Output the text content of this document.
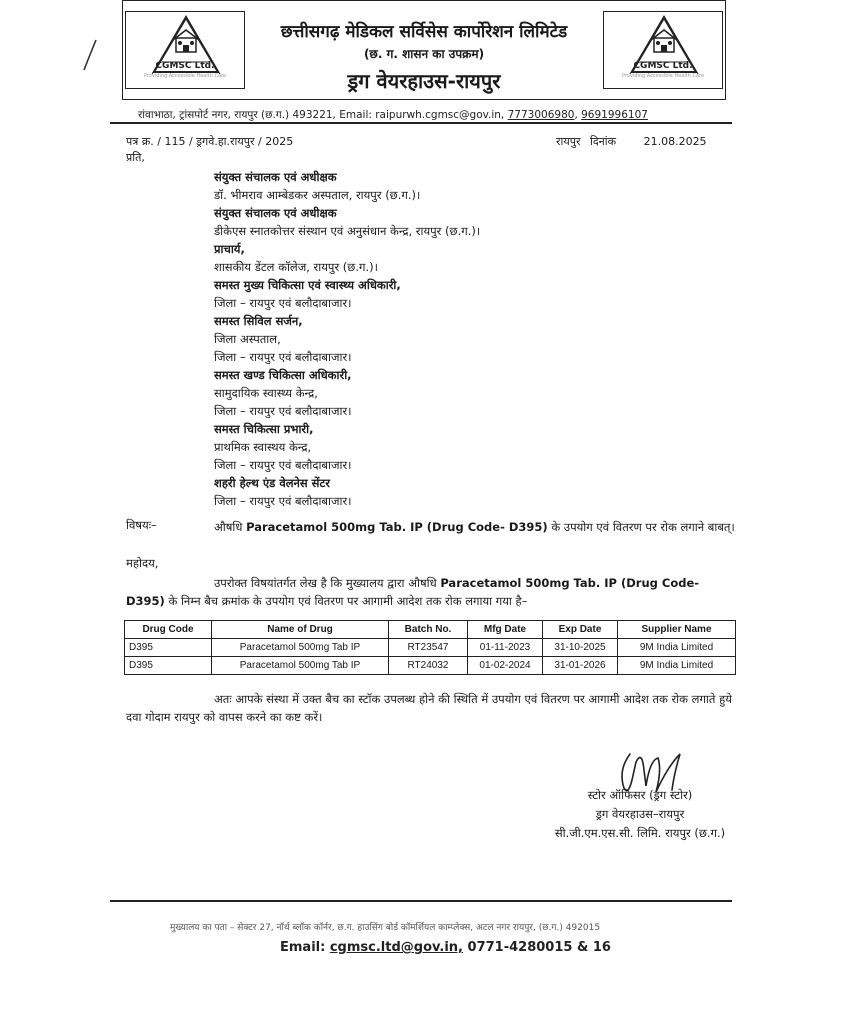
CGMSC Ltd.
Providing Accessible Health Care
छत्तीसगढ़ मेडिकल सर्विसेस कार्पोरेशन लिमिटेड
(छ. ग. शासन का उपक्रम)
ड्रग वेयरहाउस-रायपुर
CGMSC Ltd.
Providing Accessible Health Care
रांवाभाठा, ट्रांसपोर्ट नगर, रायपुर (छ.ग.) 493221, Email: raipurwh.cgmsc@gov.in, 7773006980, 9691996107
पत्र क्र. / 115 / ड्रगवे.हा.रायपुर / 2025	रायपुर दिनांक	21.08.2025
प्रति,
संयुक्त संचालक एवं अधीक्षक
डॉ. भीमराव आम्बेडकर अस्पताल, रायपुर (छ.ग.)।
संयुक्त संचालक एवं अधीक्षक
डीकेएस स्नातकोत्तर संस्थान एवं अनुसंधान केन्द्र, रायपुर (छ.ग.)।
प्राचार्य,
शासकीय डेंटल कॉलेज, रायपुर (छ.ग.)।
समस्त मुख्य चिकित्सा एवं स्वास्थ्य अधिकारी,
जिला – रायपुर एवं बलौदाबाजार।
समस्त सिविल सर्जन,
जिला अस्पताल,
जिला – रायपुर एवं बलौदाबाजार।
समस्त खण्ड चिकित्सा अधिकारी,
सामुदायिक स्वास्थ्य केन्द्र,
जिला – रायपुर एवं बलौदाबाजार।
समस्त चिकित्सा प्रभारी,
प्राथमिक स्वास्थय केन्द्र,
जिला – रायपुर एवं बलौदाबाजार।
शहरी हेल्थ एंड वेलनेस सेंटर
जिला – रायपुर एवं बलौदाबाजार।
विषयः–	औषधि Paracetamol 500mg Tab. IP (Drug Code- D395) के उपयोग एवं वितरण पर रोक लगाने बाबत्।
महोदय,
उपरोक्त विषयांतर्गत लेख है कि मुख्यालय द्वारा औषधि Paracetamol 500mg Tab. IP (Drug Code- D395) के निम्न बैच क्रमांक के उपयोग एवं वितरण पर आगामी आदेश तक रोक लगाया गया है–
Drug Code	Name of Drug	Batch No.	Mfg Date	Exp Date	Supplier Name
D395	Paracetamol 500mg Tab IP	RT23547	01-11-2023	31-10-2025	9M India Limited
D395	Paracetamol 500mg Tab IP	RT24032	01-02-2024	31-01-2026	9M India Limited
अतः आपके संस्था में उक्त बैच का स्टॉक उपलब्ध होने की स्थिति में उपयोग एवं वितरण पर आगामी आदेश तक रोक लगाते हुये दवा गोदाम रायपुर को वापस करने का कष्ट करें।
स्टोर ऑफिसर (ड्रग स्टोर)
ड्रग वेयरहाउस–रायपुर
सी.जी.एम.एस.सी. लिमि. रायपुर (छ.ग.)
मुख्यालय का पता – सेक्टर 27, नॉर्थ ब्लॉक कॉर्नर, छ.ग. हाउसिंग बोर्ड कॉमर्शियल काम्प्लेक्स, अटल नगर रायपुर, (छ.ग.) 492015
Email: cgmsc.ltd@gov.in, 0771-4280015 & 16
